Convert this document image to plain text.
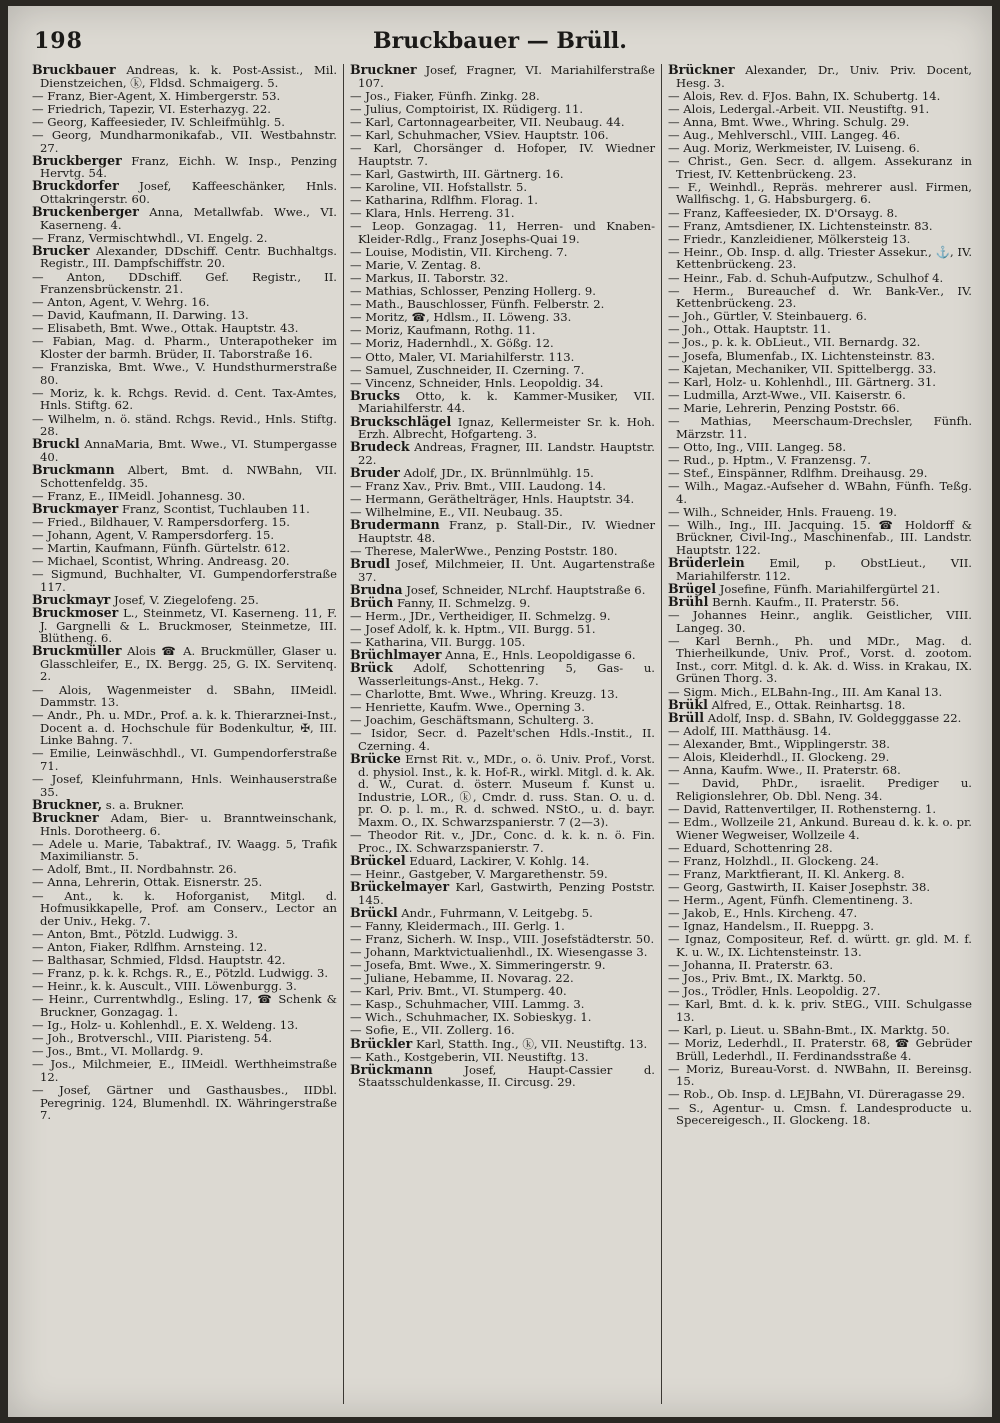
198	Bruckbauer — Brüll.
Bruckbauer Andreas, k. k. Post-Assist., Mil. Dienstzeichen, ⓚ, Fldsd. Schmaigerg. 5.
— Franz, Bier-Agent, X. Himbergerstr. 53.
— Friedrich, Tapezir, VI. Esterhazyg. 22.
— Georg, Kaffeesieder, IV. Schleifmühlg. 5.
— Georg, Mundharmonikafab., VII. Westbahnstr. 27.
Bruckberger Franz, Eichh. W. Insp., Penzing Hervtg. 54.
Bruckdorfer Josef, Kaffeeschänker, Hnls. Ottakringerstr. 60.
Bruckenberger Anna, Metallwfab. Wwe., VI. Kaserneng. 4.
— Franz, Vermischtwhdl., VI. Engelg. 2.
Brucker Alexander, DDschiff. Centr. Buchhaltgs. Registr., III. Dampfschiffstr. 20.
— Anton, DDschiff. Gef. Registr., II. Franzensbrückenstr. 21.
— Anton, Agent, V. Wehrg. 16.
— David, Kaufmann, II. Darwing. 13.
— Elisabeth, Bmt. Wwe., Ottak. Hauptstr. 43.
— Fabian, Mag. d. Pharm., Unterapotheker im Kloster der barmh. Brüder, II. Taborstraße 16.
— Franziska, Bmt. Wwe., V. Hundsthurmerstraße 80.
— Moriz, k. k. Rchgs. Revid. d. Cent. Tax-Amtes, Hnls. Stiftg. 62.
— Wilhelm, n. ö. ständ. Rchgs. Revid., Hnls. Stiftg. 28.
Bruckl AnnaMaria, Bmt. Wwe., VI. Stumpergasse 40.
Bruckmann Albert, Bmt. d. NWBahn, VII. Schottenfeldg. 35.
— Franz, E., IIMeidl. Johannesg. 30.
Bruckmayer Franz, Scontist, Tuchlauben 11.
— Fried., Bildhauer, V. Rampersdorferg. 15.
— Johann, Agent, V. Rampersdorferg. 15.
— Martin, Kaufmann, Fünfh. Gürtelstr. 612.
— Michael, Scontist, Whring. Andreasg. 20.
— Sigmund, Buchhalter, VI. Gumpendorferstraße 117.
Bruckmayr Josef, V. Ziegelofeng. 25.
Bruckmoser L., Steinmetz, VI. Kaserneng. 11, F. J. Gargnelli & L. Bruckmoser, Steinmetze, III. Blütheng. 6.
Bruckmüller Alois ☎ A. Bruckmüller, Glaser u. Glasschleifer, E., IX. Bergg. 25, G. IX. Servitenq. 2.
— Alois, Wagenmeister d. SBahn, IIMeidl. Dammstr. 13.
— Andr., Ph. u. MDr., Prof. a. k. k. Thierarznei-Inst., Docent a. d. Hochschule für Bodenkultur, ✠, III. Linke Bahng. 7.
— Emilie, Leinwäschhdl., VI. Gumpendorferstraße 71.
— Josef, Kleinfuhrmann, Hnls. Weinhauserstraße 35.
Bruckner, s. a. Brukner.
Bruckner Adam, Bier- u. Branntweinschank, Hnls. Dorotheerg. 6.
— Adele u. Marie, Tabaktraf., IV. Waagg. 5, Trafik Maximilianstr. 5.
— Adolf, Bmt., II. Nordbahnstr. 26.
— Anna, Lehrerin, Ottak. Eisnerstr. 25.
— Ant., k. k. Hoforganist, Mitgl. d. Hofmusikkapelle, Prof. am Conserv., Lector an der Univ., Hekg. 7.
— Anton, Bmt., Pötzld. Ludwigg. 3.
— Anton, Fiaker, Rdlfhm. Arnsteing. 12.
— Balthasar, Schmied, Fldsd. Hauptstr. 42.
— Franz, p. k. k. Rchgs. R., E., Pötzld. Ludwigg. 3.
— Heinr., k. k. Auscult., VIII. Löwenburgg. 3.
— Heinr., Currentwhdlg., Esling. 17, ☎ Schenk & Bruckner, Gonzagag. 1.
— Ig., Holz- u. Kohlenhdl., E. X. Weldeng. 13.
— Joh., Brotverschl., VIII. Piaristeng. 54.
— Jos., Bmt., VI. Mollardg. 9.
— Jos., Milchmeier, E., IIMeidl. Werthheimstraße 12.
— Josef, Gärtner und Gasthausbes., IIDbl. Peregrinig. 124, Blumenhdl. IX. Währingerstraße 7.
Bruckner Josef, Fragner, VI. Mariahilferstraße 107.
— Jos., Fiaker, Fünfh. Zinkg. 28.
— Julius, Comptoirist, IX. Rüdigerg. 11.
— Karl, Cartonnagearbeiter, VII. Neubaug. 44.
— Karl, Schuhmacher, VSiev. Hauptstr. 106.
— Karl, Chorsänger d. Hofoper, IV. Wiedner Hauptstr. 7.
— Karl, Gastwirth, III. Gärtnerg. 16.
— Karoline, VII. Hofstallstr. 5.
— Katharina, Rdlfhm. Florag. 1.
— Klara, Hnls. Herreng. 31.
— Leop. Gonzagag. 11, Herren- und Knaben-Kleider-Rdlg., Franz Josephs-Quai 19.
— Louise, Modistin, VII. Kircheng. 7.
— Marie, V. Zentag. 8.
— Markus, II. Taborstr. 32.
— Mathias, Schlosser, Penzing Hollerg. 9.
— Math., Bauschlosser, Fünfh. Felberstr. 2.
— Moritz, ☎, Hdlsm., II. Löweng. 33.
— Moriz, Kaufmann, Rothg. 11.
— Moriz, Hadernhdl., X. Gößg. 12.
— Otto, Maler, VI. Mariahilferstr. 113.
— Samuel, Zuschneider, II. Czerning. 7.
— Vincenz, Schneider, Hnls. Leopoldig. 34.
Brucks Otto, k. k. Kammer-Musiker, VII. Mariahilferstr. 44.
Bruckschlägel Ignaz, Kellermeister Sr. k. Hoh. Erzh. Albrecht, Hofgarteng. 3.
Brudeck Andreas, Fragner, III. Landstr. Hauptstr. 22.
Bruder Adolf, JDr., IX. Brünnlmühlg. 15.
— Franz Xav., Priv. Bmt., VIII. Laudong. 14.
— Hermann, Geräthelträger, Hnls. Hauptstr. 34.
— Wilhelmine, E., VII. Neubaug. 35.
Brudermann Franz, p. Stall-Dir., IV. Wiedner Hauptstr. 48.
— Therese, MalerWwe., Penzing Poststr. 180.
Brudl Josef, Milchmeier, II. Unt. Augartenstraße 37.
Brudna Josef, Schneider, NLrchf. Hauptstraße 6.
Brüch Fanny, II. Schmelzg. 9.
— Herm., JDr., Vertheidiger, II. Schmelzg. 9.
— Josef Adolf, k. k. Hptm., VII. Burgg. 51.
— Katharina, VII. Burgg. 105.
Brüchlmayer Anna, E., Hnls. Leopoldigasse 6.
Brück Adolf, Schottenring 5, Gas- u. Wasserleitungs-Anst., Hekg. 7.
— Charlotte, Bmt. Wwe., Whring. Kreuzg. 13.
— Henriette, Kaufm. Wwe., Operning 3.
— Joachim, Geschäftsmann, Schulterg. 3.
— Isidor, Secr. d. Pazelt'schen Hdls.-Instit., II. Czerning. 4.
Brücke Ernst Rit. v., MDr., o. ö. Univ. Prof., Vorst. d. physiol. Inst., k. k. Hof-R., wirkl. Mitgl. d. k. Ak. d. W., Curat. d. österr. Museum f. Kunst u. Industrie, LOR., ⓚ, Cmdr. d. russ. Stan. O. u. d. pr. O. p. l. m., R. d. schwed. NStO., u. d. bayr. Maxm. O., IX. Schwarzspanierstr. 7 (2—3).
— Theodor Rit. v., JDr., Conc. d. k. k. n. ö. Fin. Proc., IX. Schwarzspanierstr. 7.
Brückel Eduard, Lackirer, V. Kohlg. 14.
— Heinr., Gastgeber, V. Margarethenstr. 59.
Brückelmayer Karl, Gastwirth, Penzing Poststr. 145.
Brückl Andr., Fuhrmann, V. Leitgebg. 5.
— Fanny, Kleidermach., III. Gerlg. 1.
— Franz, Sicherh. W. Insp., VIII. Josefstädterstr. 50.
— Johann, Marktvictualienhdl., IX. Wiesengasse 3.
— Josefa, Bmt. Wwe., X. Simmeringerstr. 9.
— Juliane, Hebamme, II. Novarag. 22.
— Karl, Priv. Bmt., VI. Stumperg. 40.
— Kasp., Schuhmacher, VIII. Lammg. 3.
— Wich., Schuhmacher, IX. Sobieskyg. 1.
— Sofie, E., VII. Zollerg. 16.
Brückler Karl, Statth. Ing., ⓚ, VII. Neustiftg. 13.
— Kath., Kostgeberin, VII. Neustiftg. 13.
Brückmann Josef, Haupt-Cassier d. Staatsschuldenkasse, II. Circusg. 29.
Brückner Alexander, Dr., Univ. Priv. Docent, Hesg. 3.
— Alois, Rev. d. FJos. Bahn, IX. Schubertg. 14.
— Alois, Ledergal.-Arbeit. VII. Neustiftg. 91.
— Anna, Bmt. Wwe., Whring. Schulg. 29.
— Aug., Mehlverschl., VIII. Langeg. 46.
— Aug. Moriz, Werkmeister, IV. Luiseng. 6.
— Christ., Gen. Secr. d. allgem. Assekuranz in Triest, IV. Kettenbrückeng. 23.
— F., Weinhdl., Repräs. mehrerer ausl. Firmen, Wallfischg. 1, G. Habsburgerg. 6.
— Franz, Kaffeesieder, IX. D'Orsayg. 8.
— Franz, Amtsdiener, IX. Lichtensteinstr. 83.
— Friedr., Kanzleidiener, Mölkersteig 13.
— Heinr., Ob. Insp. d. allg. Triester Assekur., ⚓, IV. Kettenbrückeng. 23.
— Heinr., Fab. d. Schuh-Aufputzw., Schulhof 4.
— Herm., Bureauchef d. Wr. Bank-Ver., IV. Kettenbrückeng. 23.
— Joh., Gürtler, V. Steinbauerg. 6.
— Joh., Ottak. Hauptstr. 11.
— Jos., p. k. k. ObLieut., VII. Bernardg. 32.
— Josefa, Blumenfab., IX. Lichtensteinstr. 83.
— Kajetan, Mechaniker, VII. Spittelbergg. 33.
— Karl, Holz- u. Kohlenhdl., III. Gärtnerg. 31.
— Ludmilla, Arzt-Wwe., VII. Kaiserstr. 6.
— Marie, Lehrerin, Penzing Poststr. 66.
— Mathias, Meerschaum-Drechsler, Fünfh. Märzstr. 11.
— Otto, Ing., VIII. Langeg. 58.
— Rud., p. Hptm., V. Franzensg. 7.
— Stef., Einspänner, Rdlfhm. Dreihausg. 29.
— Wilh., Magaz.-Aufseher d. WBahn, Fünfh. Teßg. 4.
— Wilh., Schneider, Hnls. Fraueng. 19.
— Wilh., Ing., III. Jacquing. 15. ☎ Holdorff & Brückner, Civil-Ing., Maschinenfab., III. Landstr. Hauptstr. 122.
Brüderlein Emil, p. ObstLieut., VII. Mariahilferstr. 112.
Brügel Josefine, Fünfh. Mariahilfergürtel 21.
Brühl Bernh. Kaufm., II. Praterstr. 56.
— Johannes Heinr., anglik. Geistlicher, VIII. Langeg. 30.
— Karl Bernh., Ph. und MDr., Mag. d. Thierheilkunde, Univ. Prof., Vorst. d. zootom. Inst., corr. Mitgl. d. k. Ak. d. Wiss. in Krakau, IX. Grünen Thorg. 3.
— Sigm. Mich., ELBahn-Ing., III. Am Kanal 13.
Brükl Alfred, E., Ottak. Reinhartsg. 18.
Brüll Adolf, Insp. d. SBahn, IV. Goldegggasse 22.
— Adolf, III. Matthäusg. 14.
— Alexander, Bmt., Wipplingerstr. 38.
— Alois, Kleiderhdl., II. Glockeng. 29.
— Anna, Kaufm. Wwe., II. Praterstr. 68.
— David, PhDr., israelit. Prediger u. Religionslehrer, Ob. Dbl. Neng. 34.
— David, Rattenvertilger, II. Rothensterng. 1.
— Edm., Wollzeile 21, Ankund. Bureau d. k. k. o. pr. Wiener Wegweiser, Wollzeile 4.
— Eduard, Schottenring 28.
— Franz, Holzhdl., II. Glockeng. 24.
— Franz, Marktfierant, II. Kl. Ankerg. 8.
— Georg, Gastwirth, II. Kaiser Josephstr. 38.
— Herm., Agent, Fünfh. Clementineng. 3.
— Jakob, E., Hnls. Kircheng. 47.
— Ignaz, Handelsm., II. Rueppg. 3.
— Ignaz, Compositeur, Ref. d. württ. gr. gld. M. f. K. u. W., IX. Lichtensteinstr. 13.
— Johanna, II. Praterstr. 63.
— Jos., Priv. Bmt., IX. Marktg. 50.
— Jos., Trödler, Hnls. Leopoldig. 27.
— Karl, Bmt. d. k. k. priv. StEG., VIII. Schulgasse 13.
— Karl, p. Lieut. u. SBahn-Bmt., IX. Marktg. 50.
— Moriz, Lederhdl., II. Praterstr. 68, ☎ Gebrüder Brüll, Lederhdl., II. Ferdinandsstraße 4.
— Moriz, Bureau-Vorst. d. NWBahn, II. Bereinsg. 15.
— Rob., Ob. Insp. d. LEJBahn, VI. Düreragasse 29.
— S., Agentur- u. Cmsn. f. Landesproducte u. Specereigesch., II. Glockeng. 18.
